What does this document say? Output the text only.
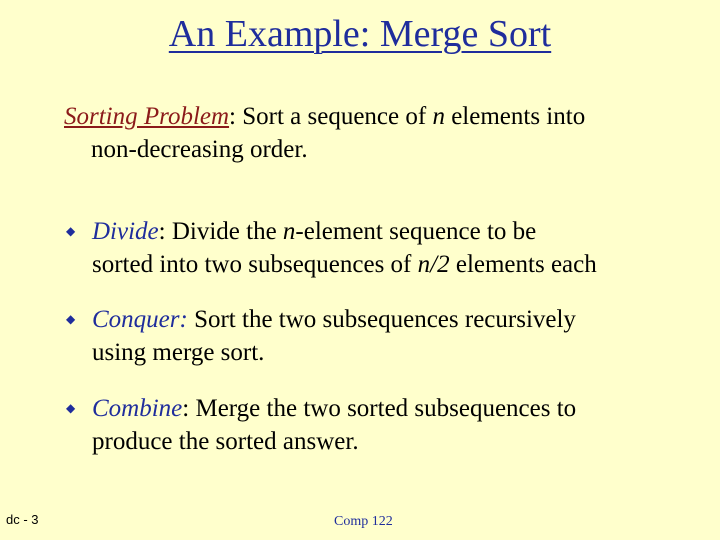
An Example: Merge Sort
Sorting Problem: Sort a sequence of n elements into
non-decreasing order.
◆ Divide: Divide the n-element sequence to be
sorted into two subsequences of n/2 elements each
◆ Conquer: Sort the two subsequences recursively
using merge sort.
◆ Combine: Merge the two sorted subsequences to
produce the sorted answer.
dc - 3	Comp 122
